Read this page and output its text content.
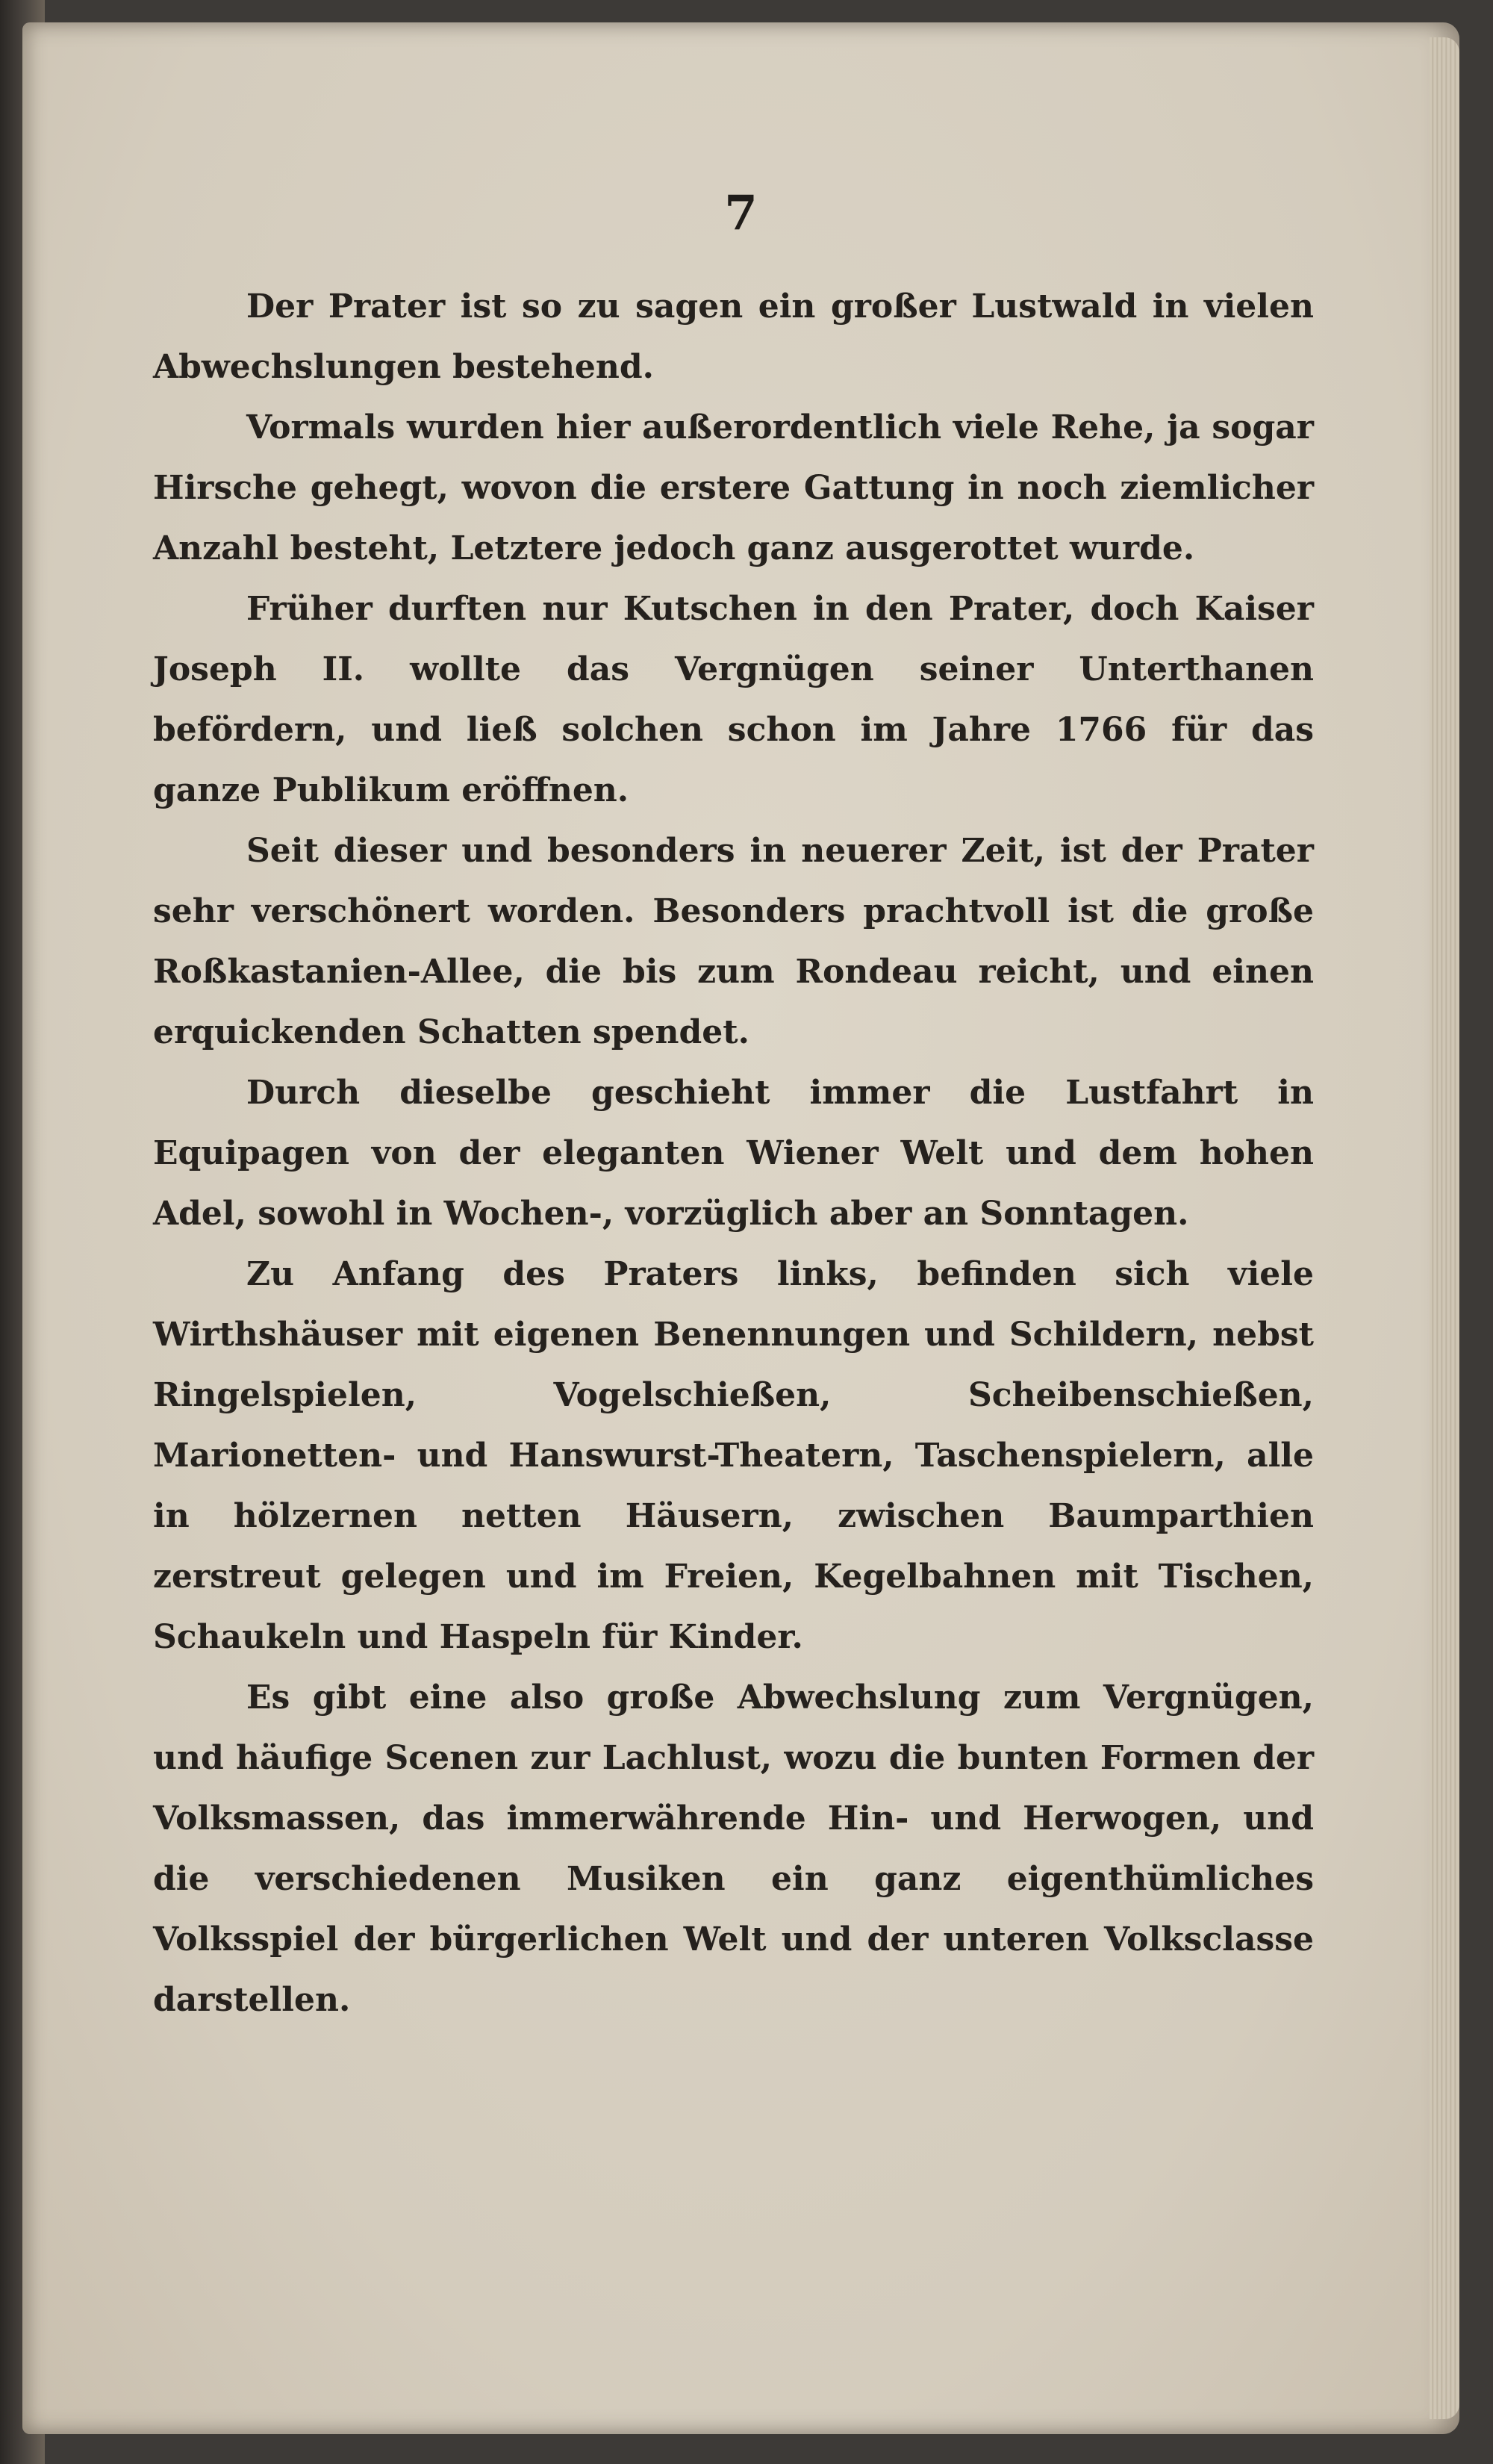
7

Der Prater ist so zu sagen ein großer Lustwald in vielen Abwechslungen bestehend.

Vormals wurden hier außerordentlich viele Rehe, ja sogar Hirsche gehegt, wovon die erstere Gattung in noch ziemlicher Anzahl besteht, Letztere jedoch ganz ausgerottet wurde.

Früher durften nur Kutschen in den Prater, doch Kaiser Joseph II. wollte das Vergnügen seiner Unterthanen befördern, und ließ solchen schon im Jahre 1766 für das ganze Publikum eröffnen.

Seit dieser und besonders in neuerer Zeit, ist der Prater sehr verschönert worden. Besonders prachtvoll ist die große Roßkastanien-Allee, die bis zum Rondeau reicht, und einen erquickenden Schatten spendet.

Durch dieselbe geschieht immer die Lustfahrt in Equipagen von der eleganten Wiener Welt und dem hohen Adel, sowohl in Wochen-, vorzüglich aber an Sonntagen.

Zu Anfang des Praters links, befinden sich viele Wirthshäuser mit eigenen Benennungen und Schildern, nebst Ringelspielen, Vogelschießen, Scheibenschießen, Marionetten- und Hanswurst-Theatern, Taschenspielern, alle in hölzernen netten Häusern, zwischen Baumparthien zerstreut gelegen und im Freien, Kegelbahnen mit Tischen, Schaukeln und Haspeln für Kinder.

Es gibt eine also große Abwechslung zum Vergnügen, und häufige Scenen zur Lachlust, wozu die bunten Formen der Volksmassen, das immerwährende Hin- und Herwogen, und die verschiedenen Musiken ein ganz eigenthümliches Volksspiel der bürgerlichen Welt und der unteren Volksclasse darstellen.
